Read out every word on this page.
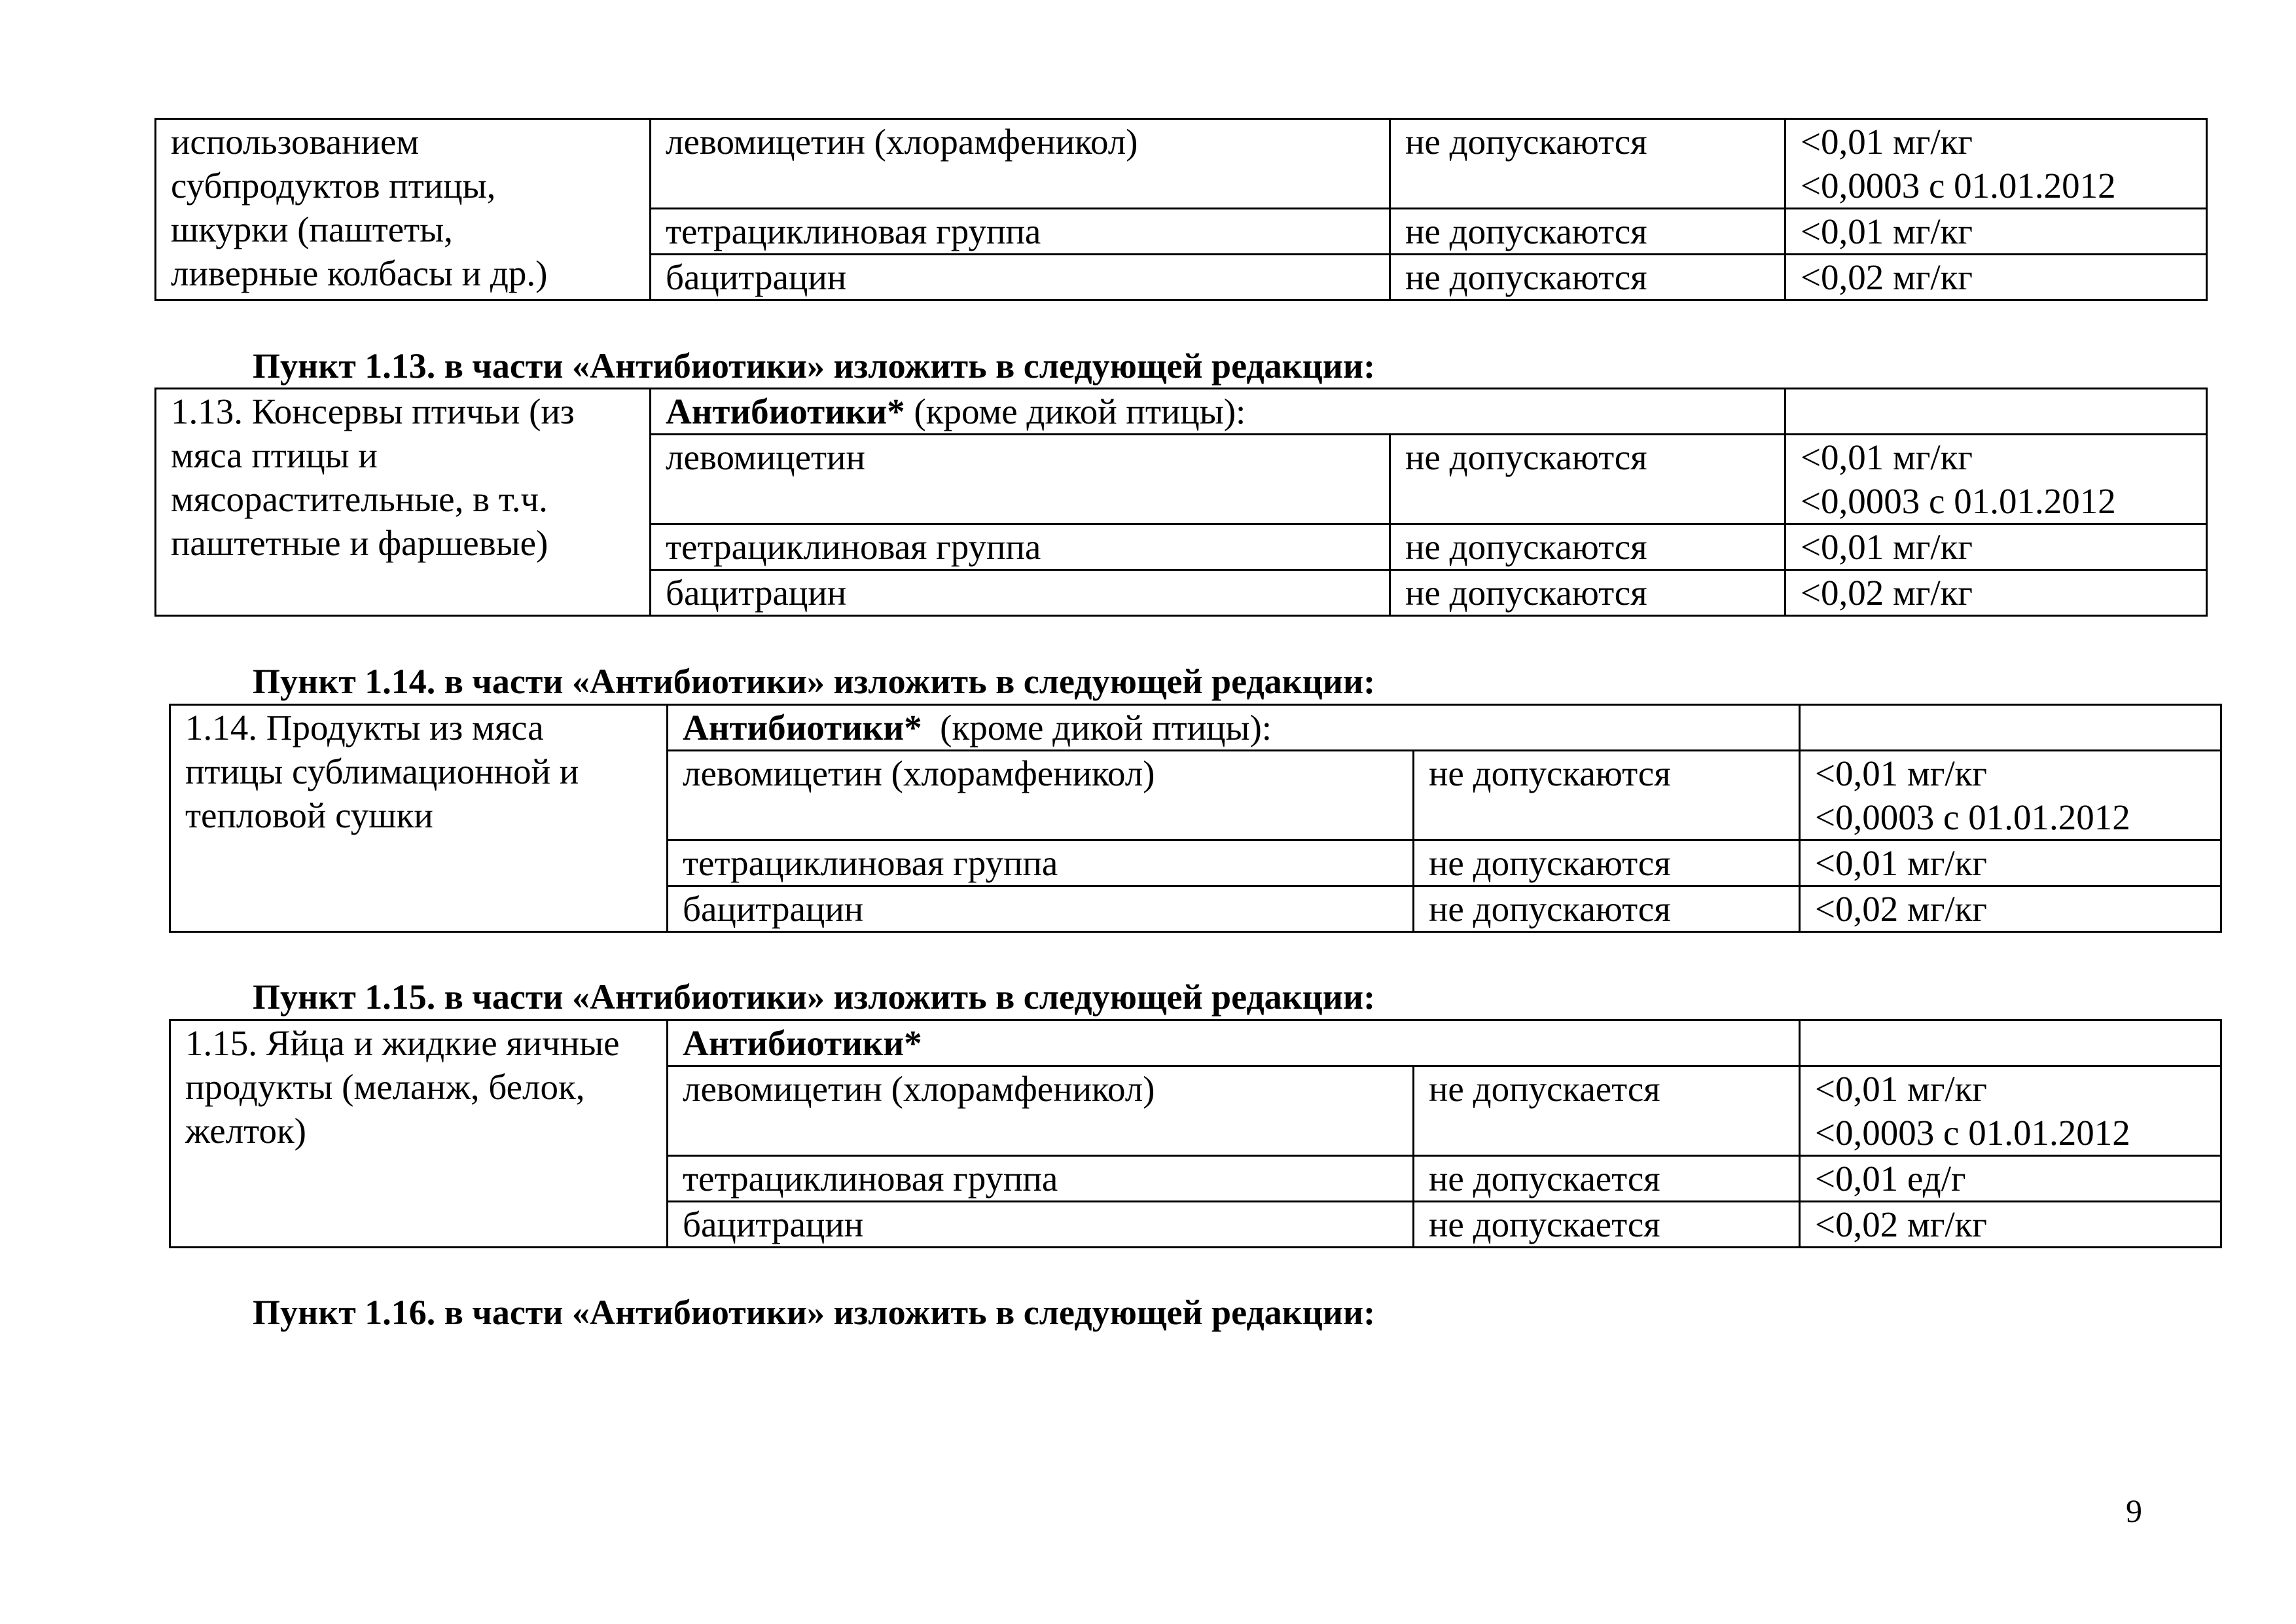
использованием
субпродуктов птицы,
шкурки (паштеты,
ливерные колбасы и др.)	левомицетин (хлорамфеникол)	не допускаются	<0,01 мг/кг
<0,0003 с 01.01.2012
	тетрациклиновая группа	не допускаются	<0,01 мг/кг
	бацитрацин	не допускаются	<0,02 мг/кг
Пункт 1.13. в части «Антибиотики» изложить в следующей редакции:
1.13. Консервы птичьи (из
мяса птицы и
мясорастительные, в т.ч.
паштетные и фаршевые)	Антибиотики* (кроме дикой птицы):		
	левомицетин	не допускаются	<0,01 мг/кг
<0,0003 с 01.01.2012
	тетрациклиновая группа	не допускаются	<0,01 мг/кг
	бацитрацин	не допускаются	<0,02 мг/кг
Пункт 1.14. в части «Антибиотики» изложить в следующей редакции:
1.14. Продукты из мяса
птицы сублимационной и
тепловой сушки	Антибиотики*  (кроме дикой птицы):		
	левомицетин (хлорамфеникол)	не допускаются	<0,01 мг/кг
<0,0003 с 01.01.2012
	тетрациклиновая группа	не допускаются	<0,01 мг/кг
	бацитрацин	не допускаются	<0,02 мг/кг
Пункт 1.15. в части «Антибиотики» изложить в следующей редакции:
1.15. Яйца и жидкие яичные
продукты (меланж, белок,
желток)	Антибиотики*		
	левомицетин (хлорамфеникол)	не допускается	<0,01 мг/кг
<0,0003 с 01.01.2012
	тетрациклиновая группа	не допускается	<0,01 ед/г
	бацитрацин	не допускается	<0,02 мг/кг
Пункт 1.16. в части «Антибиотики» изложить в следующей редакции:
9
